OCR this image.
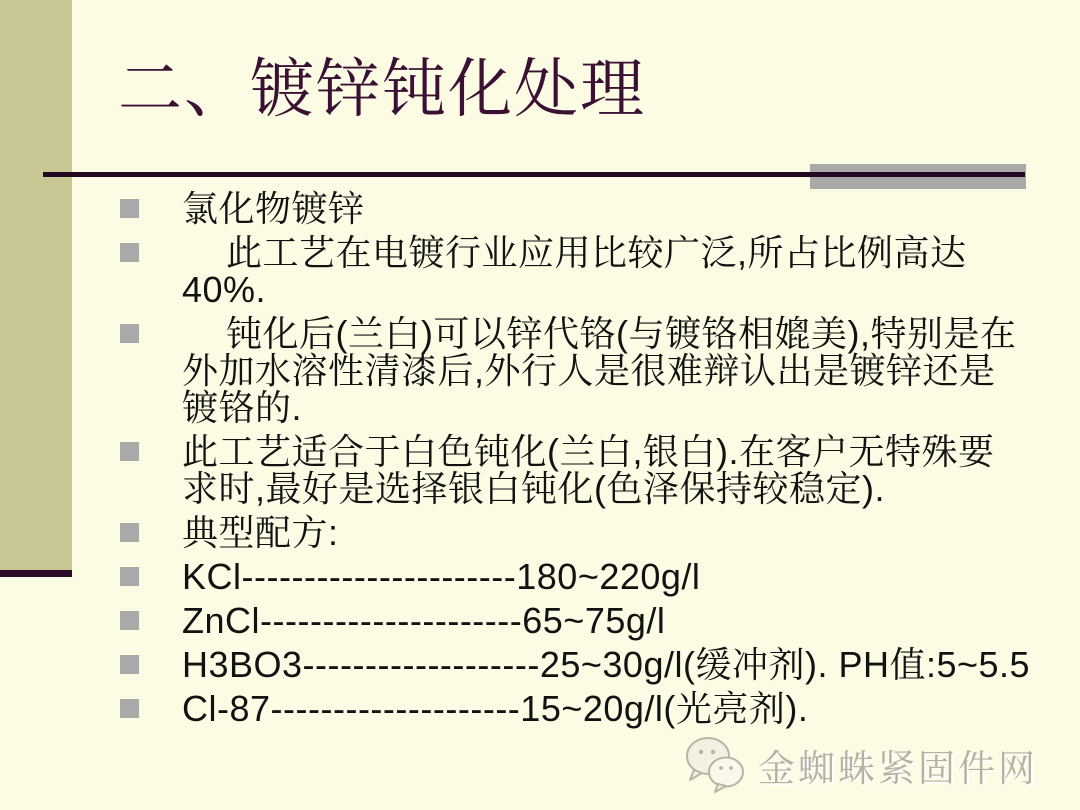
二、镀锌钝化处理
氯化物镀锌
此工艺在电镀行业应用比较广泛,所占比例高达
40%.
钝化后(兰白)可以锌代铬(与镀铬相媲美),特别是在
外加水溶性清漆后,外行人是很难辩认出是镀锌还是
镀铬的.
此工艺适合于白色钝化(兰白,银白).在客户无特殊要
求时,最好是选择银白钝化(色泽保持较稳定).
典型配方:
KCl----------------------180~220g/l
ZnCl---------------------65~75g/l
H3BO3-------------------25~30g/l(缓冲剂). PH值:5~5.5
Cl-87--------------------15~20g/l(光亮剂).
金蜘蛛紧固件网
